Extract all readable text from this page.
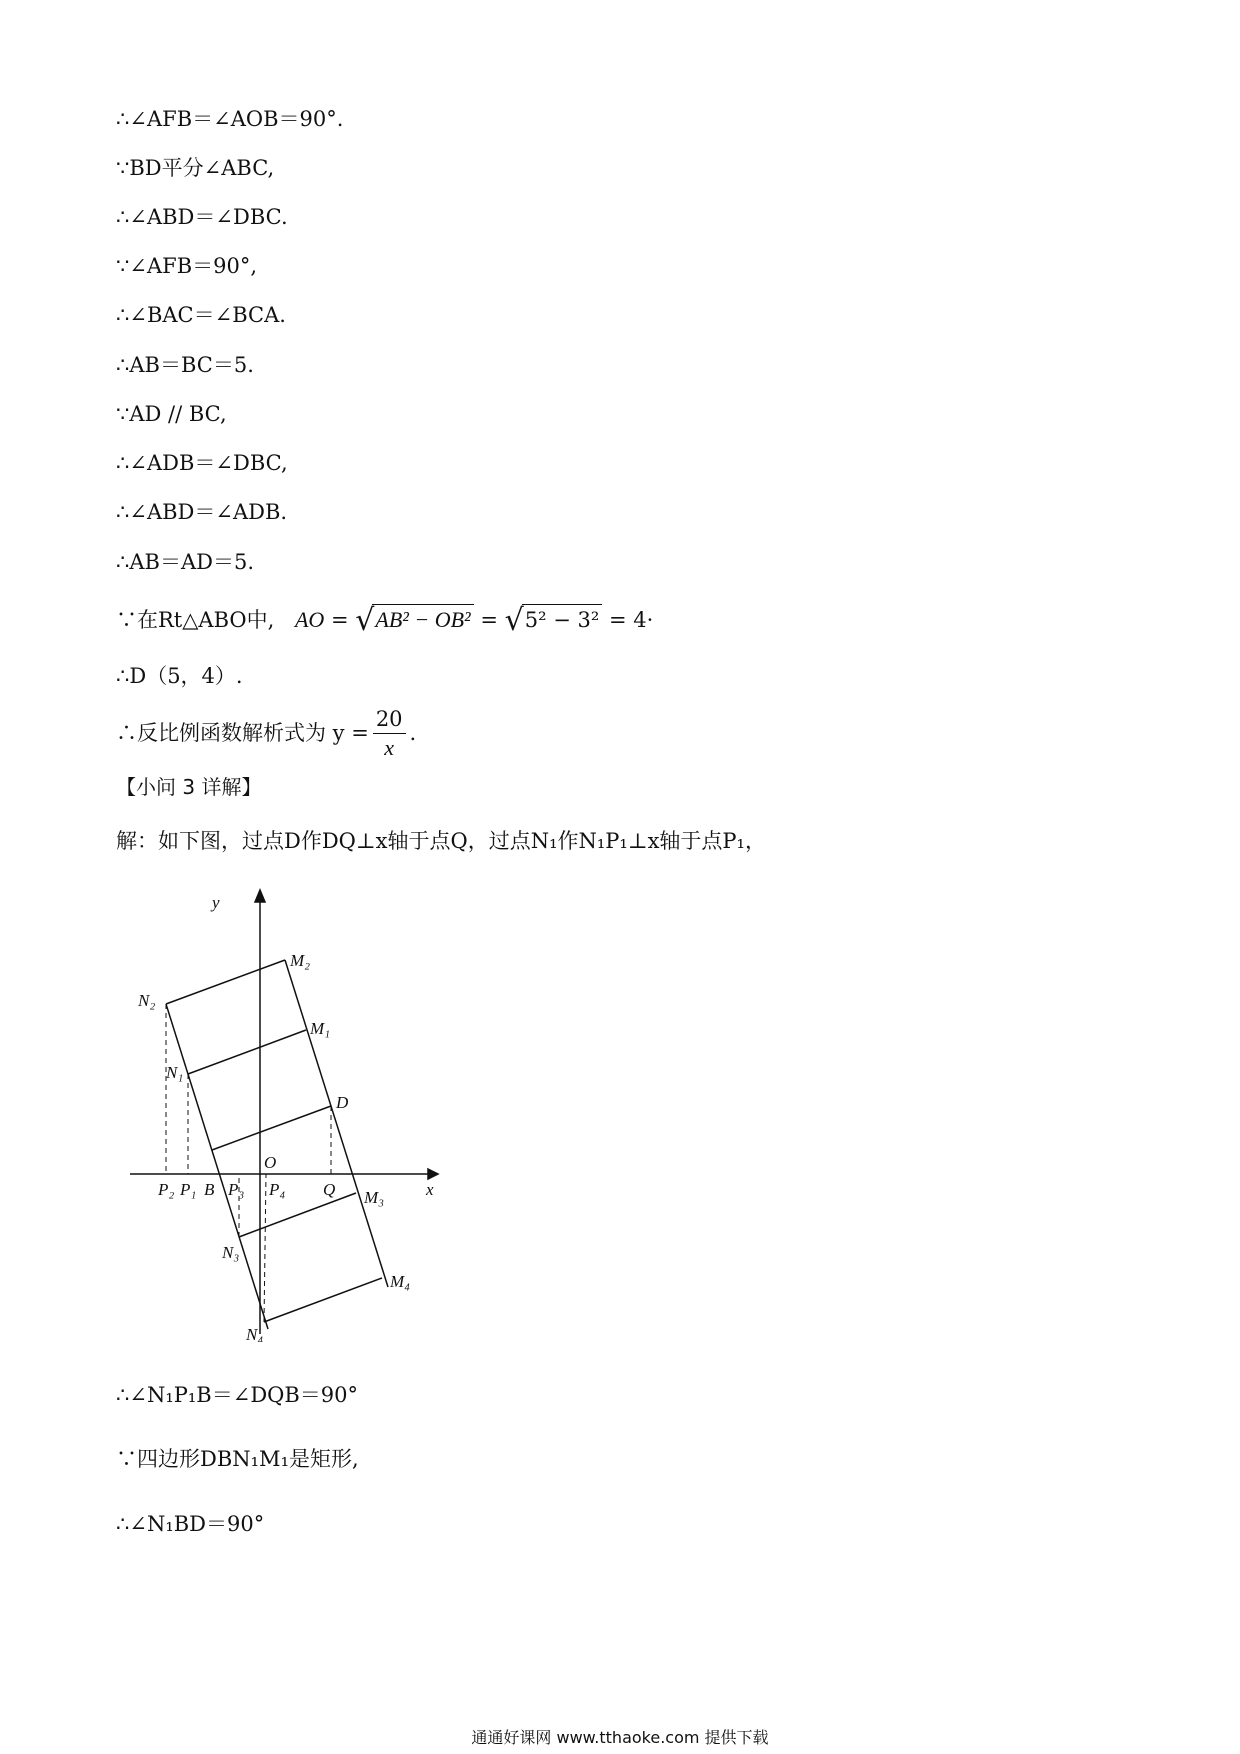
∴∠AFB＝∠AOB＝90°.
∵BD平分∠ABC,
∴∠ABD＝∠DBC.
∵∠AFB＝90°,
∴∠BAC＝∠BCA.
∴AB＝BC＝5.
∵AD // BC,
∴∠ADB＝∠DBC,
∴∠ABD＝∠ADB.
∴AB＝AD＝5.
∵在Rt△ABO中, AO = √AB² − OB² = √5² − 3² = 4·
∴D（5，4）.
∴反比例函数解析式为 $y = \frac{20}{x}$ .
【小问 3 详解】
解：如下图，过点D作DQ⊥x轴于点Q，过点N₁作N₁P₁⊥x轴于点P₁，
y
x
O
B
D
Q
M₂
M₁
M₃
M₄
N₂
N₁
N₃
N₄
P₂ P₁ P₃ P₄
∴∠N₁P₁B＝∠DQB＝90°
∵四边形DBN₁M₁是矩形,
∴∠N₁BD＝90°
通通好课网 www.tthaoke.com 提供下载
